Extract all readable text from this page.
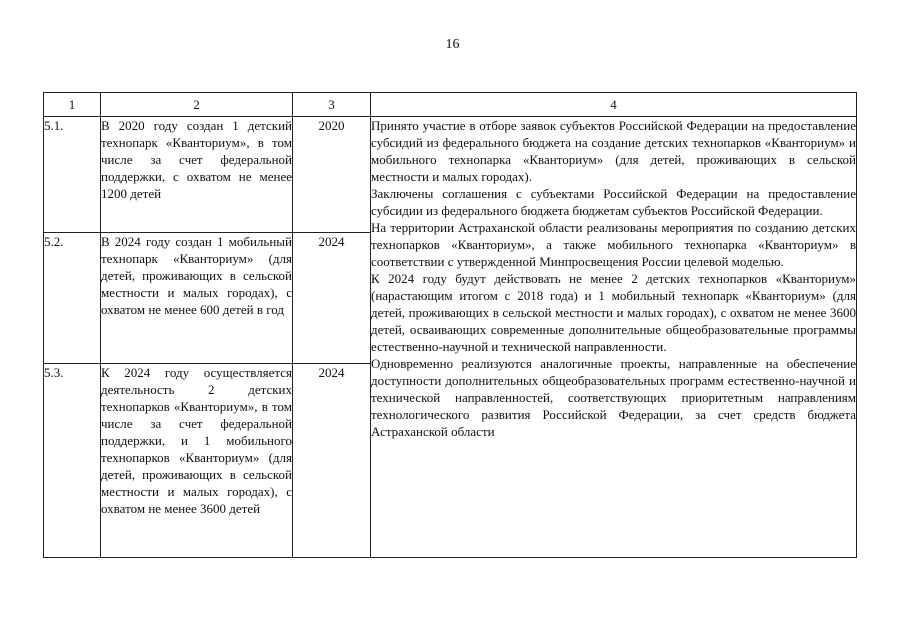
16
1	2	3	4
5.1.	В 2020 году создан 1 детский технопарк «Кванториум», в том числе за счет федеральной поддержки, с охватом не менее 1200 детей	2020	Принято участие в отборе заявок субъектов Российской Федерации на предоставление субсидий из федерального бюджета на создание детских технопарков «Кванториум» и мобильного технопарка «Кванториум» (для детей, проживающих в сельской местности и малых городах).

Заключены соглашения с субъектами Российской Федерации на предоставление субсидии из федерального бюджета бюджетам субъектов Российской Федерации.

На территории Астраханской области реализованы мероприятия по созданию детских технопарков «Кванториум», а также мобильного технопарка «Кванториум» в соответствии с утвержденной Минпросвещения России целевой моделью.

К 2024 году будут действовать не менее 2 детских технопарков «Кванториум» (нарастающим итогом с 2018 года) и 1 мобильный технопарк «Кванториум» (для детей, проживающих в сельской местности и малых городах), с охватом не менее 3600 детей, осваивающих современные дополнительные общеобразовательные программы естественно-научной и технической направленности.

Одновременно реализуются аналогичные проекты, направленные на обеспечение доступности дополнительных общеобразовательных программ естественно-научной и технической направленностей, соответствующих приоритетным направлениям технологического развития Российской Федерации, за счет средств бюджета Астраханской области

5.2.	В 2024 году создан 1 мобильный технопарк «Кванториум» (для детей, проживающих в сельской местности и малых городах), с охватом не менее 600 детей в год	2024	
5.3.	К 2024 году осуществляется деятельность 2 детских технопарков «Кванториум», в том числе за счет федеральной поддержки, и 1 мобильного технопарков «Кванториум» (для детей, проживающих в сельской местности и малых городах), с охватом не менее 3600 детей	2024	
